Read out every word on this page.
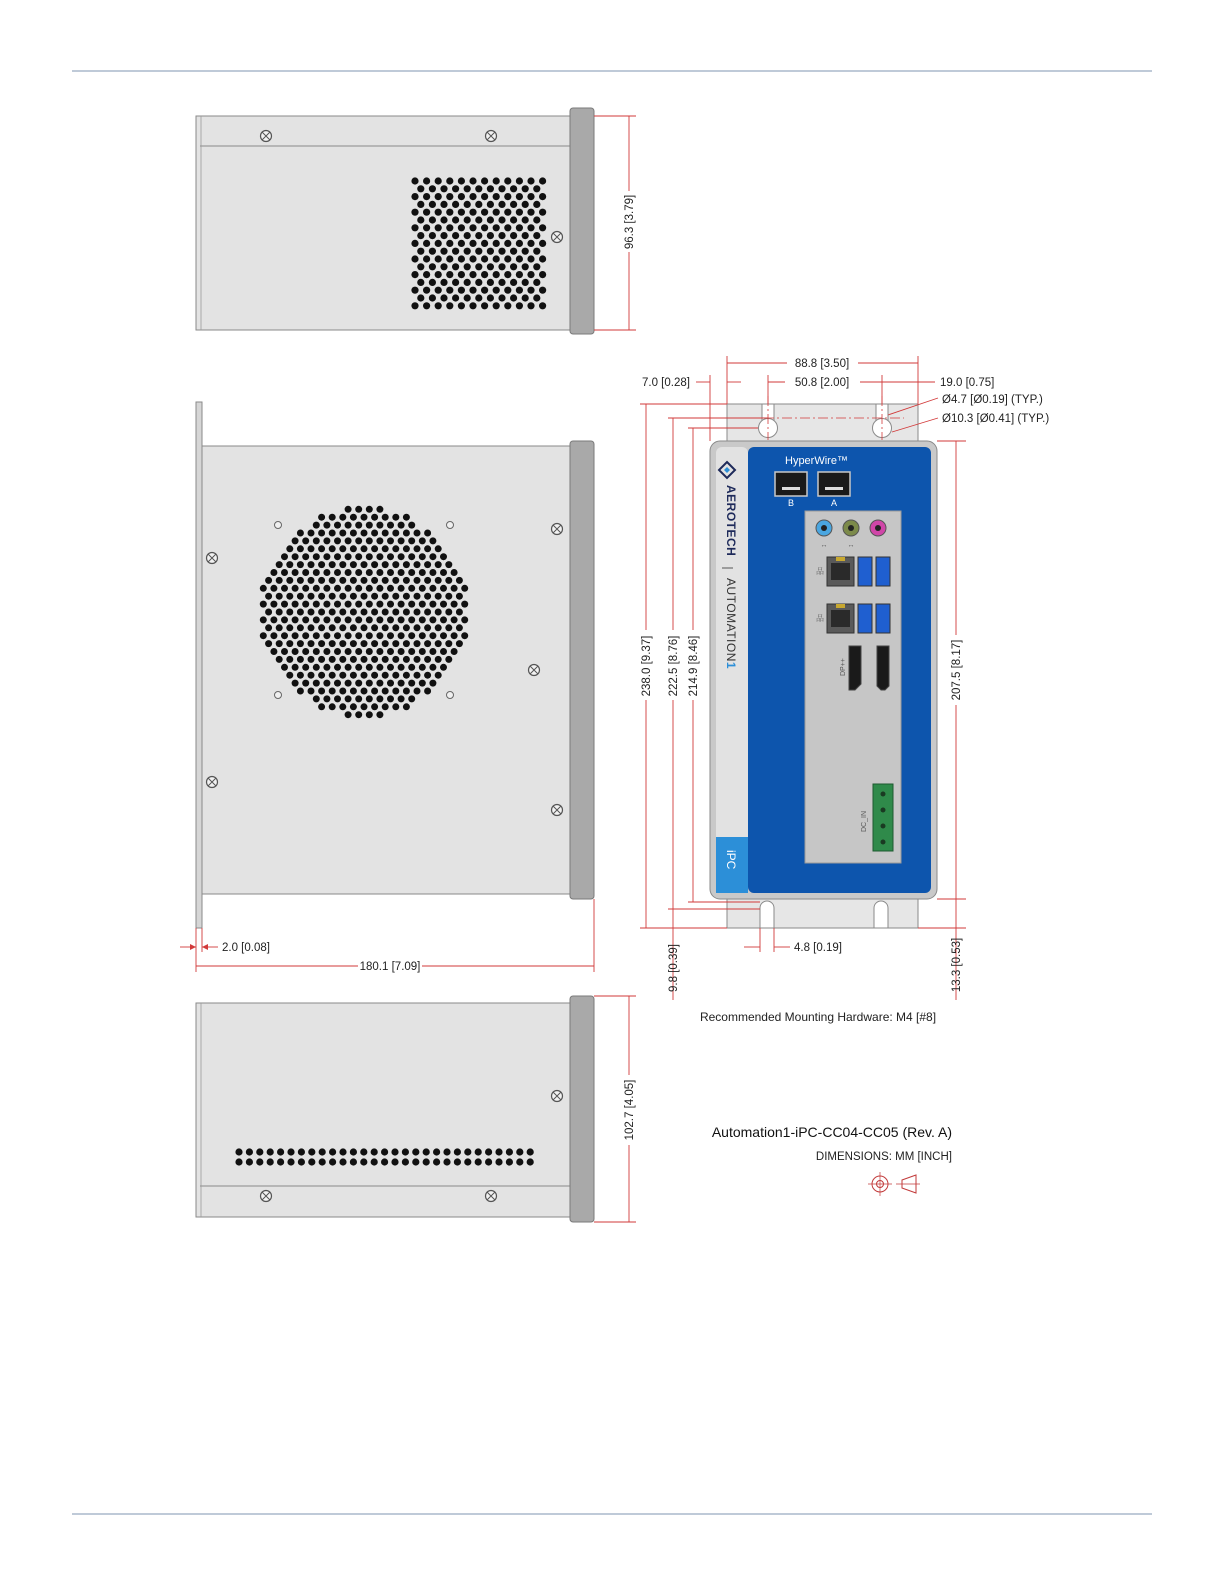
96.3 [3.79]
2.0 [0.08]
180.1 [7.09]
102.7 [4.05]
HyperWire™
B	A
↔	↔
品
品
DP++
DC_IN
AEROTECH
AUTOMATION1
iPC
88.8 [3.50]
50.8 [2.00]
7.0 [0.28]	19.0 [0.75]
Ø4.7 [Ø0.19] (TYP.)
Ø10.3 [Ø0.41] (TYP.)
238.0 [9.37] 222.5 [8.76] 214.9 [8.46]
9.8 [0.39]
207.5 [8.17]
13.3 [0.53]
4.8 [0.19]
Recommended Mounting Hardware: M4 [#8]
Automation1-iPC-CC04-CC05 (Rev. A)
DIMENSIONS: MM [INCH]
